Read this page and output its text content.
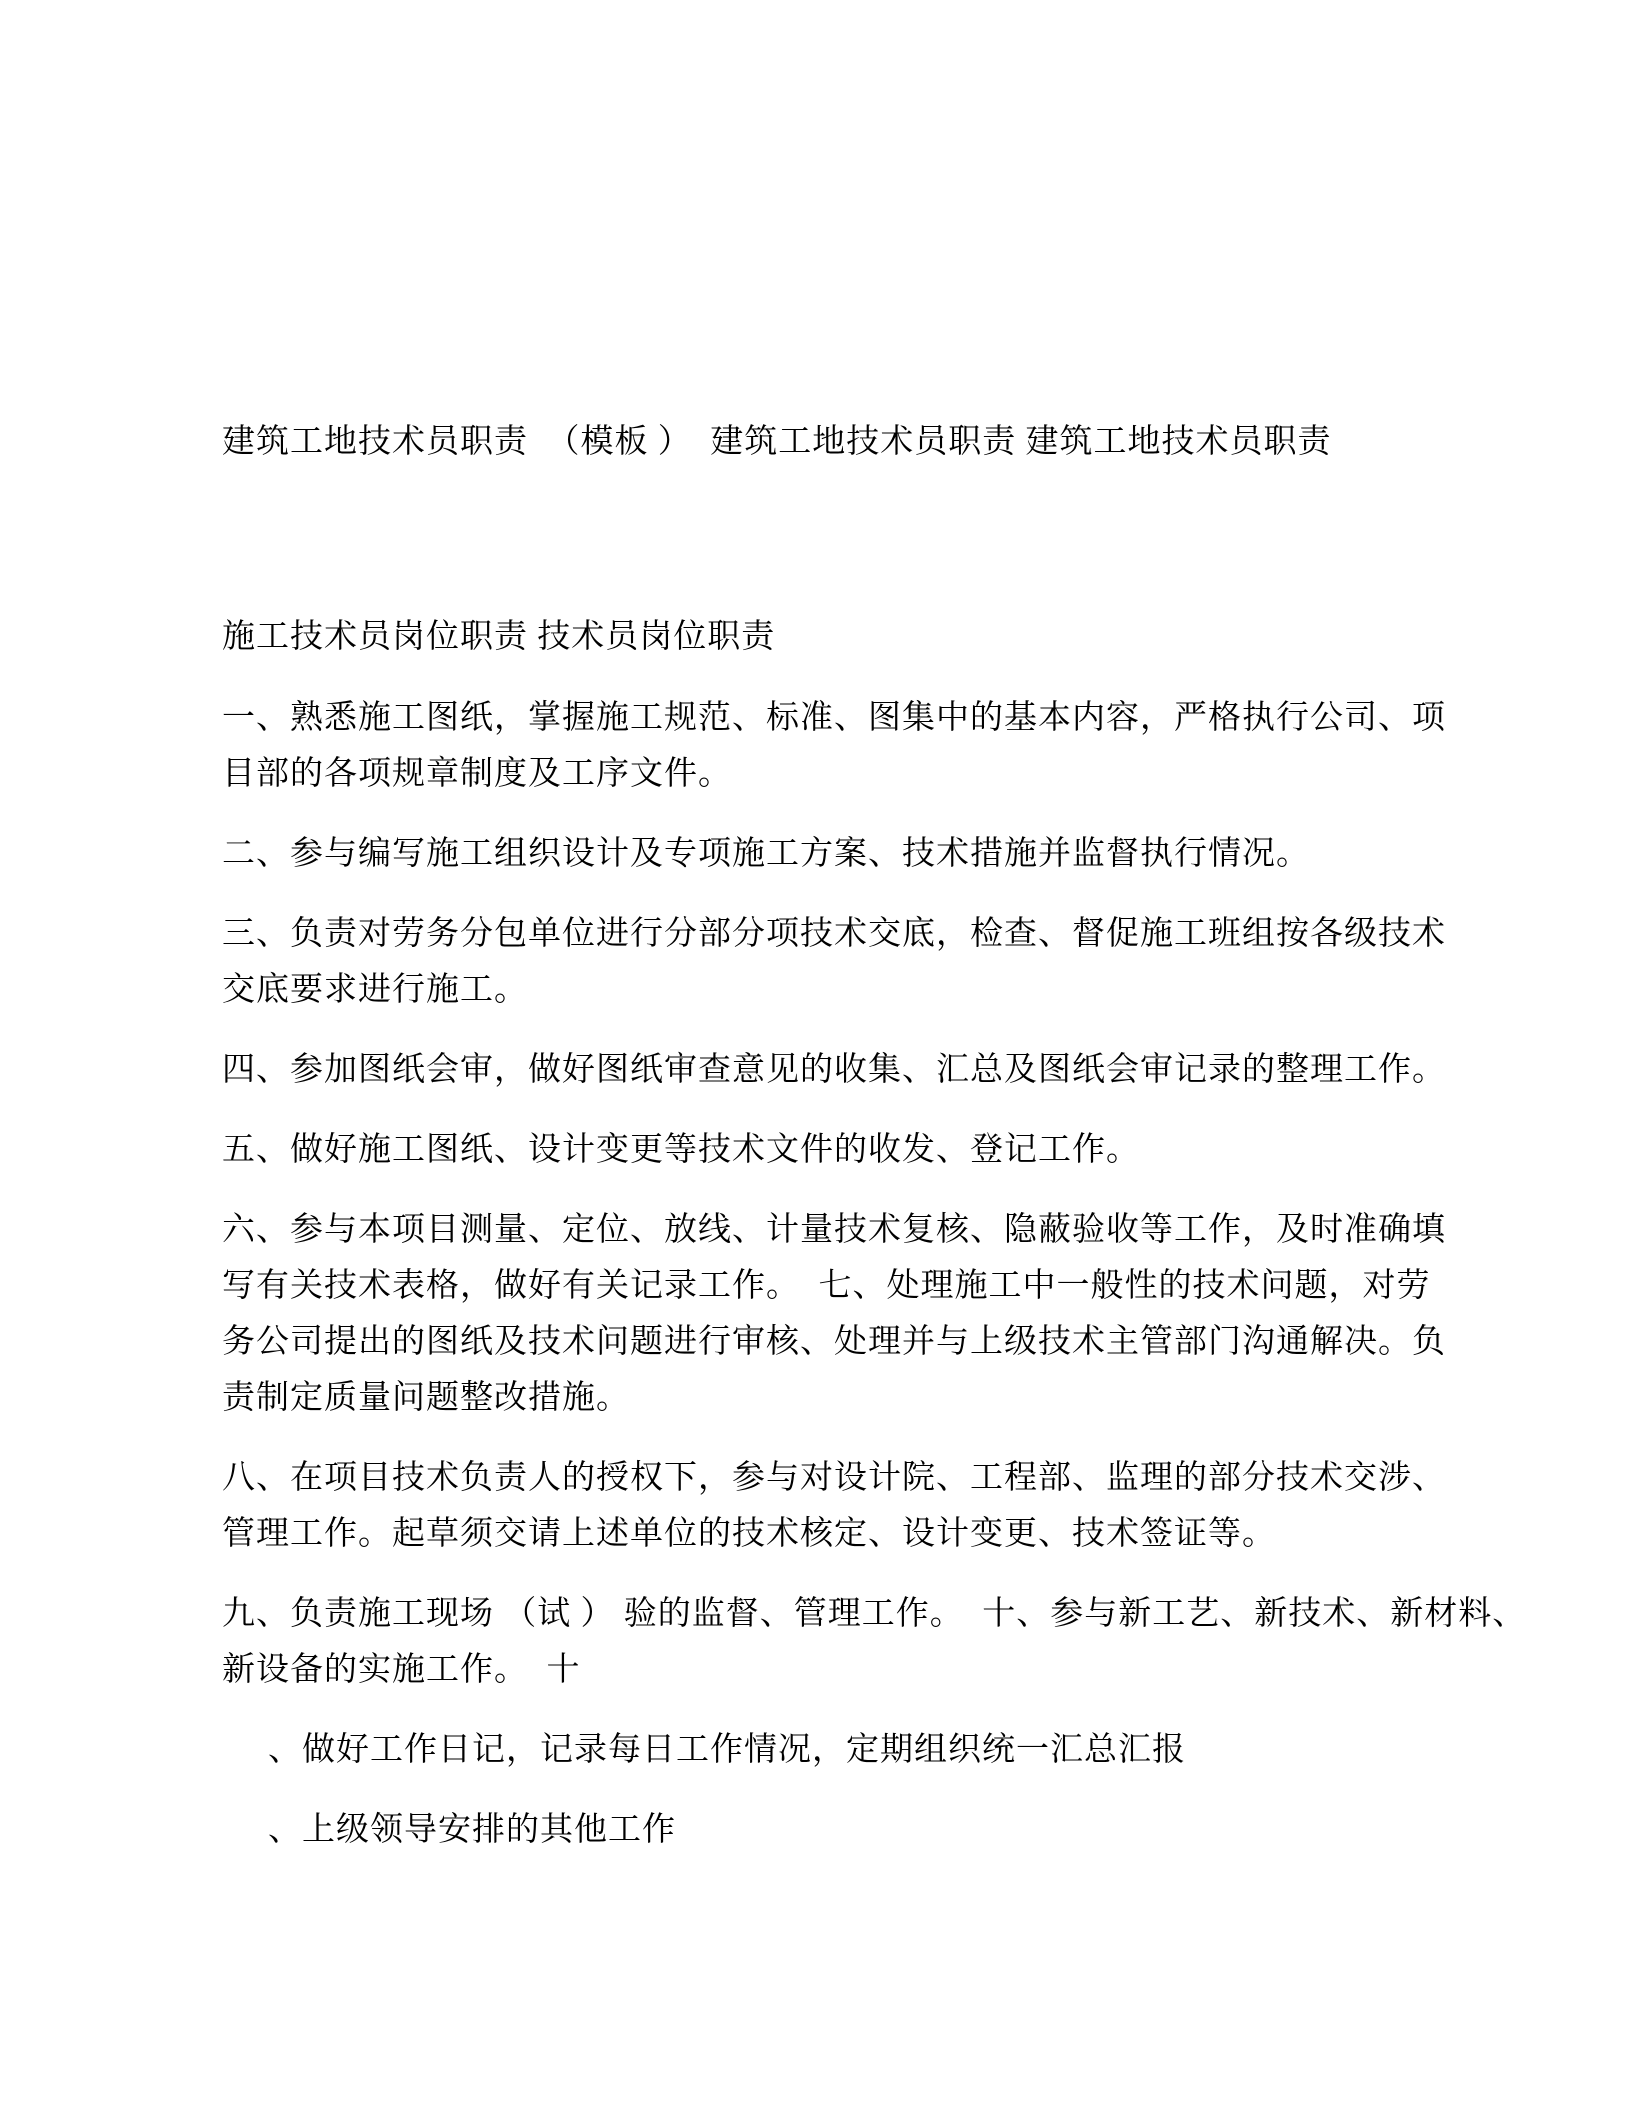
建筑工地技术员职责  （模板 ）  建筑工地技术员职责 建筑工地技术员职责
施工技术员岗位职责 技术员岗位职责
一、熟悉施工图纸，掌握施工规范、标准、图集中的基本内容，严格执行公司、项
目部的各项规章制度及工序文件。
二、参与编写施工组织设计及专项施工方案、技术措施并监督执行情况。
三、负责对劳务分包单位进行分部分项技术交底，检查、督促施工班组按各级技术
交底要求进行施工。
四、参加图纸会审，做好图纸审查意见的收集、汇总及图纸会审记录的整理工作。
五、做好施工图纸、设计变更等技术文件的收发、登记工作。
六、参与本项目测量、定位、放线、计量技术复核、隐蔽验收等工作，及时准确填
写有关技术表格，做好有关记录工作。  七、处理施工中一般性的技术问题，对劳
务公司提出的图纸及技术问题进行审核、处理并与上级技术主管部门沟通解决。负
责制定质量问题整改措施。
八、在项目技术负责人的授权下，参与对设计院、工程部、监理的部分技术交涉、
管理工作。起草须交请上述单位的技术核定、设计变更、技术签证等。
九、负责施工现场 （试 ） 验的监督、管理工作。  十、参与新工艺、新技术、新材料、
新设备的实施工作。  十
、做好工作日记，记录每日工作情况，定期组织统一汇总汇报
、上级领导安排的其他工作
